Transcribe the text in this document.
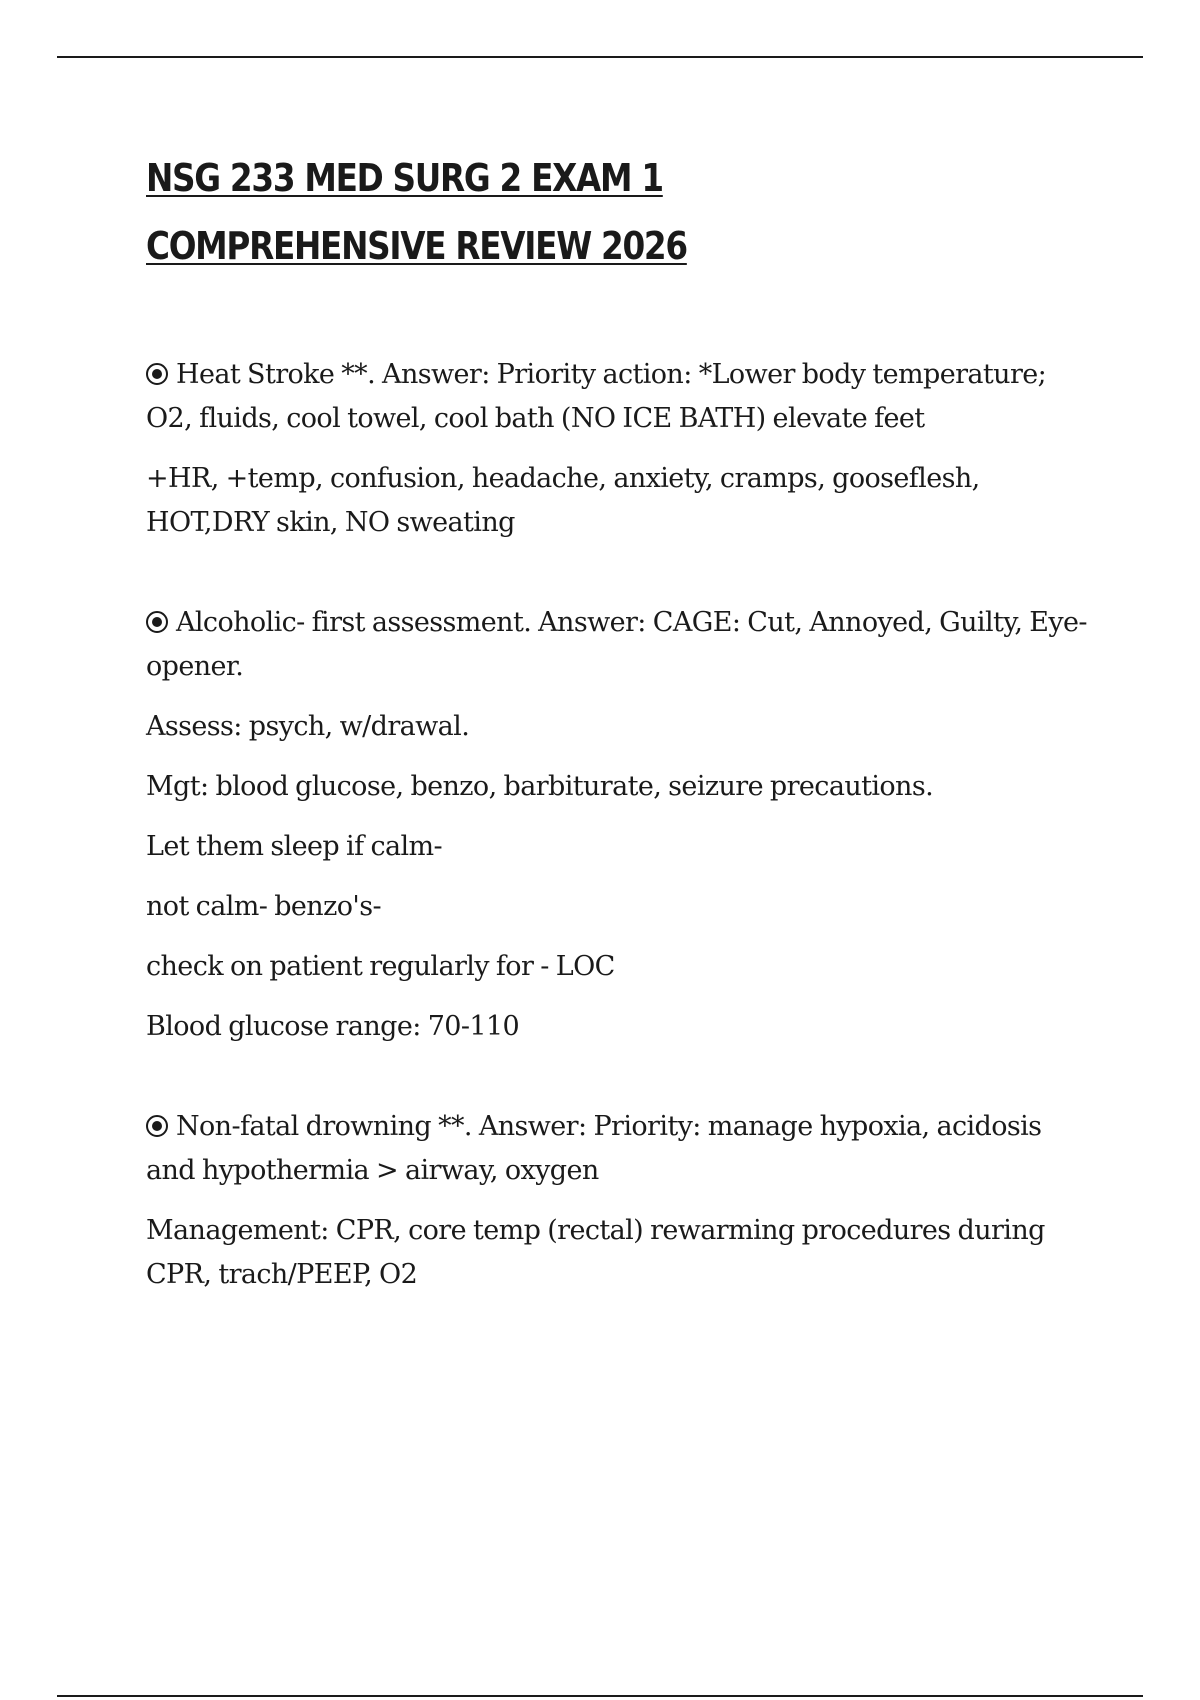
NSG 233 MED SURG 2 EXAM 1
COMPREHENSIVE REVIEW 2026

Heat Stroke **. Answer: Priority action: *Lower body temperature; O2, fluids, cool towel, cool bath (NO ICE BATH) elevate feet

+HR, +temp, confusion, headache, anxiety, cramps, gooseflesh, HOT,DRY skin, NO sweating

Alcoholic- first assessment. Answer: CAGE: Cut, Annoyed, Guilty, Eye-opener.

Assess: psych, w/drawal.

Mgt: blood glucose, benzo, barbiturate, seizure precautions.

Let them sleep if calm-

not calm- benzo's-

check on patient regularly for - LOC

Blood glucose range: 70-110

Non-fatal drowning **. Answer: Priority: manage hypoxia, acidosis and hypothermia > airway, oxygen

Management: CPR, core temp (rectal) rewarming procedures during CPR, trach/PEEP, O2
